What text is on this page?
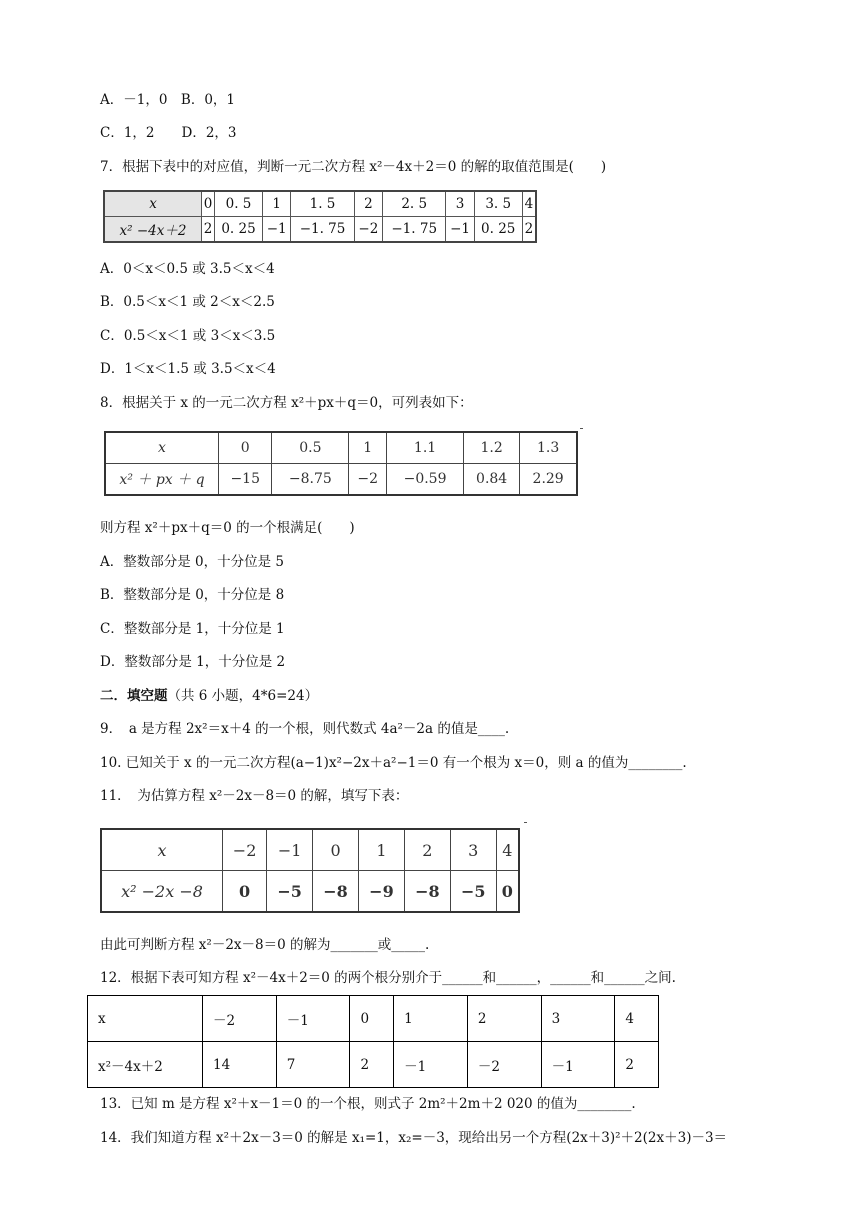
A．－1，0　B．0，1
C．1，2　　D．2，3
7．根据下表中的对应值，判断一元二次方程 x²－4x＋2＝0 的解的取值范围是(　　)
x	0	0. 5	1	1. 5	2	2. 5	3	3. 5	4
x² −4x＋2	2	0. 25	−1	−1. 75	−2	−1. 75	−1	0. 25	2
A．0＜x＜0.5 或 3.5＜x＜4
B．0.5＜x＜1 或 2＜x＜2.5
C．0.5＜x＜1 或 3＜x＜3.5
D．1＜x＜1.5 或 3.5＜x＜4
8．根据关于 x 的一元二次方程 x²＋px＋q＝0，可列表如下：
x	0	0.5	1	1.1	1.2	1.3
x² ＋ px ＋ q	−15	−8.75	−2	−0.59	0.84	2.29
则方程 x²＋px＋q＝0 的一个根满足(　　)
A．整数部分是 0，十分位是 5
B．整数部分是 0，十分位是 8
C．整数部分是 1，十分位是 1
D．整数部分是 1，十分位是 2
二．填空题（共 6 小题，4*6=24）
9．　a 是方程 2x²＝x＋4 的一个根，则代数式 4a²－2a 的值是____.
10. 已知关于 x 的一元二次方程(a−1)x²−2x＋a²−1＝0 有一个根为 x＝0，则 a 的值为________.
11．　为估算方程 x²－2x－8＝0 的解，填写下表：
x	−2	−1	0	1	2	3	4
x² −2x −8	0	−5	−8	−9	−8	−5	0
由此可判断方程 x²－2x－8＝0 的解为_______或_____.
12．根据下表可知方程 x²－4x＋2＝0 的两个根分别介于______和______，______和______之间.
x	－2	－1	0	1	2	3	4
x²－4x＋2	14	7	2	－1	－2	－1	2
13．已知 m 是方程 x²＋x－1＝0 的一个根，则式子 2m²＋2m＋2 020 的值为________.
14．我们知道方程 x²＋2x－3＝0 的解是 x₁=1，x₂=－3，现给出另一个方程(2x＋3)²＋2(2x＋3)－3＝
